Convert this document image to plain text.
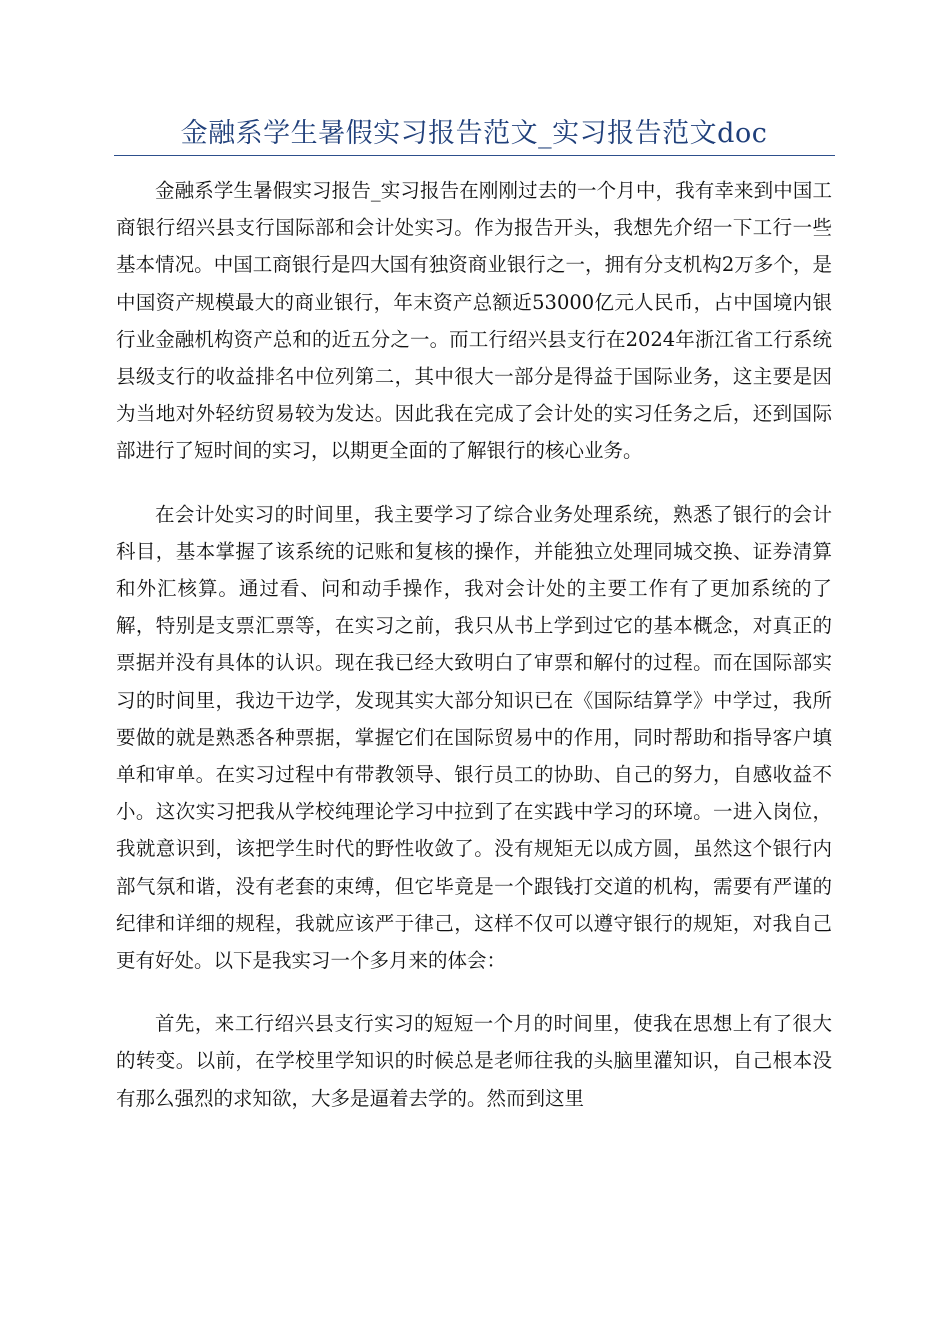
金融系学生暑假实习报告范文_实习报告范文doc

金融系学生暑假实习报告_实习报告在刚刚过去的一个月中，我有幸来到中国工商银行绍兴县支行国际部和会计处实习。作为报告开头，我想先介绍一下工行一些基本情况。中国工商银行是四大国有独资商业银行之一，拥有分支机构2万多个，是中国资产规模最大的商业银行，年末资产总额近53000亿元人民币，占中国境内银行业金融机构资产总和的近五分之一。而工行绍兴县支行在2024年浙江省工行系统县级支行的收益排名中位列第二，其中很大一部分是得益于国际业务，这主要是因为当地对外轻纺贸易较为发达。因此我在完成了会计处的实习任务之后，还到国际部进行了短时间的实习，以期更全面的了解银行的核心业务。

在会计处实习的时间里，我主要学习了综合业务处理系统，熟悉了银行的会计科目，基本掌握了该系统的记账和复核的操作，并能独立处理同城交换、证券清算和外汇核算。通过看、问和动手操作，我对会计处的主要工作有了更加系统的了解，特别是支票汇票等，在实习之前，我只从书上学到过它的基本概念，对真正的票据并没有具体的认识。现在我已经大致明白了审票和解付的过程。而在国际部实习的时间里，我边干边学，发现其实大部分知识已在《国际结算学》中学过，我所要做的就是熟悉各种票据，掌握它们在国际贸易中的作用，同时帮助和指导客户填单和审单。在实习过程中有带教领导、银行员工的协助、自己的努力，自感收益不小。这次实习把我从学校纯理论学习中拉到了在实践中学习的环境。一进入岗位，我就意识到，该把学生时代的野性收敛了。没有规矩无以成方圆，虽然这个银行内部气氛和谐，没有老套的束缚，但它毕竟是一个跟钱打交道的机构，需要有严谨的纪律和详细的规程，我就应该严于律己，这样不仅可以遵守银行的规矩，对我自己更有好处。以下是我实习一个多月来的体会：

首先，来工行绍兴县支行实习的短短一个月的时间里，使我在思想上有了很大的转变。以前，在学校里学知识的时候总是老师往我的头脑里灌知识，自己根本没有那么强烈的求知欲，大多是逼着去学的。然而到这里
